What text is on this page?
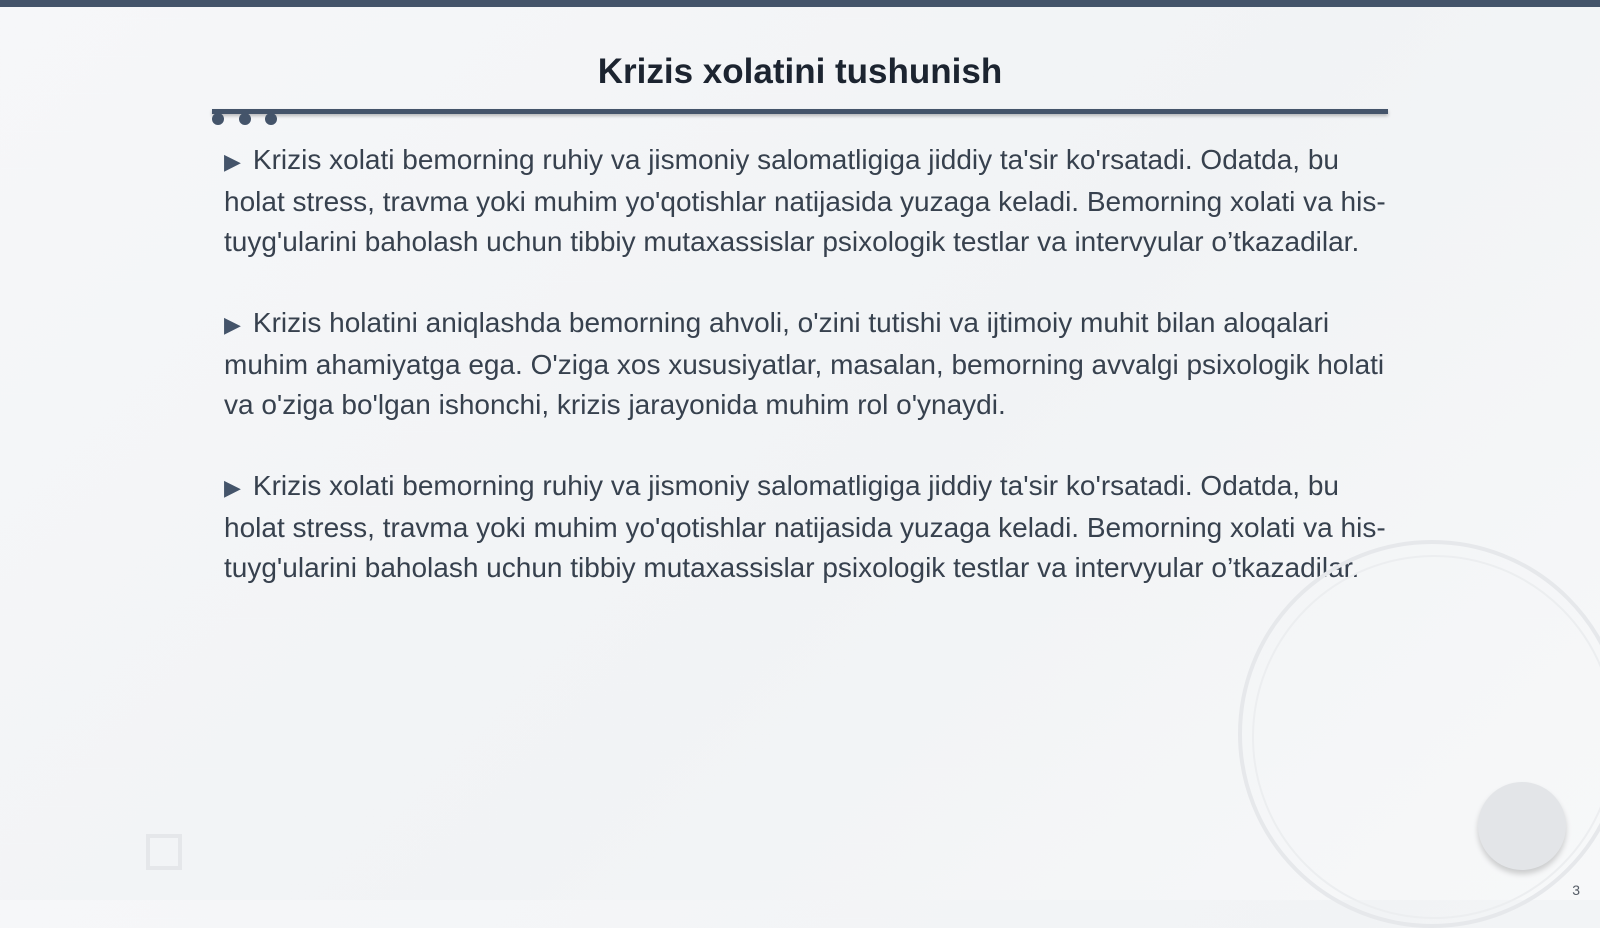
Krizis xolatini tushunish

▶ Krizis xolati bemorning ruhiy va jismoniy salomatligiga jiddiy ta'sir ko'rsatadi. Odatda, bu holat stress, travma yoki muhim yo'qotishlar natijasida yuzaga keladi. Bemorning xolati va his-tuyg'ularini baholash uchun tibbiy mutaxassislar psixologik testlar va intervyular o’tkazadilar.

▶ Krizis holatini aniqlashda bemorning ahvoli, o'zini tutishi va ijtimoiy muhit bilan aloqalari muhim ahamiyatga ega. O'ziga xos xususiyatlar, masalan, bemorning avvalgi psixologik holati va o'ziga bo'lgan ishonchi, krizis jarayonida muhim rol o'ynaydi.

▶ Krizis xolati bemorning ruhiy va jismoniy salomatligiga jiddiy ta'sir ko'rsatadi. Odatda, bu holat stress, travma yoki muhim yo'qotishlar natijasida yuzaga keladi. Bemorning xolati va his-tuyg'ularini baholash uchun tibbiy mutaxassislar psixologik testlar va intervyular o’tkazadilar.

3
